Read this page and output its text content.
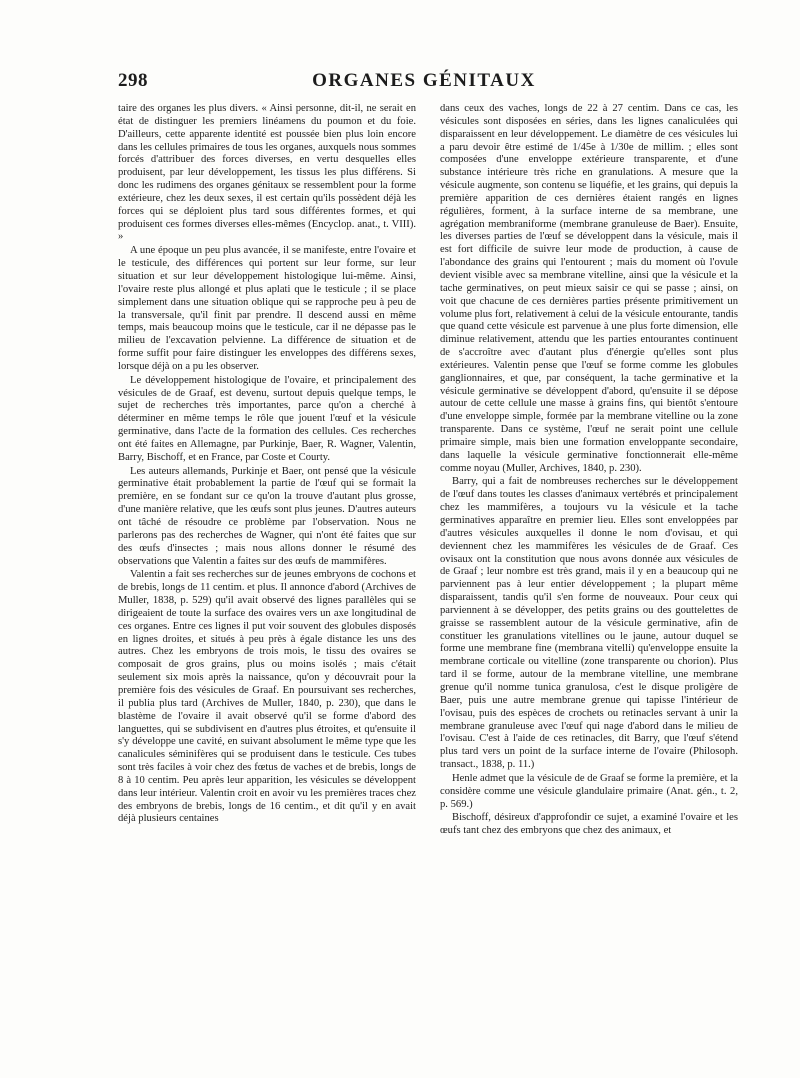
298	ORGANES GÉNITAUX

taire des organes les plus divers. « Ainsi personne, dit-il, ne serait en état de distinguer les premiers linéamens du poumon et du foie. D'ailleurs, cette apparente identité est poussée bien plus loin encore dans les cellules primaires de tous les organes, auxquels nous sommes forcés d'attribuer des forces diverses, en vertu desquelles elles produisent, par leur développement, les tissus les plus différens. Si donc les rudimens des organes génitaux se ressemblent pour la forme extérieure, chez les deux sexes, il est certain qu'ils possèdent déjà les forces qui se déploient plus tard sous différentes formes, et qui produisent ces formes diverses elles-mêmes (Encyclop. anat., t. VIII). »

A une époque un peu plus avancée, il se manifeste, entre l'ovaire et le testicule, des différences qui portent sur leur forme, sur leur situation et sur leur développement histologique lui-même. Ainsi, l'ovaire reste plus allongé et plus aplati que le testicule ; il se place simplement dans une situation oblique qui se rapproche peu à peu de la transversale, qu'il finit par prendre. Il descend aussi en même temps, mais beaucoup moins que le testicule, car il ne dépasse pas le milieu de l'excavation pelvienne. La différence de situation et de forme suffit pour faire distinguer les enveloppes des différens sexes, lorsque déjà on a pu les observer.

Le développement histologique de l'ovaire, et principalement des vésicules de de Graaf, est devenu, surtout depuis quelque temps, le sujet de recherches très importantes, parce qu'on a cherché à déterminer en même temps le rôle que jouent l'œuf et la vésicule germinative, dans l'acte de la formation des cellules. Ces recherches ont été faites en Allemagne, par Purkinje, Baer, R. Wagner, Valentin, Barry, Bischoff, et en France, par Coste et Courty.

Les auteurs allemands, Purkinje et Baer, ont pensé que la vésicule germinative était probablement la partie de l'œuf qui se formait la première, en se fondant sur ce qu'on la trouve d'autant plus grosse, d'une manière relative, que les œufs sont plus jeunes. D'autres auteurs ont tâché de résoudre ce problème par l'observation. Nous ne parlerons pas des recherches de Wagner, qui n'ont été faites que sur des œufs d'insectes ; mais nous allons donner le résumé des observations que Valentin a faites sur des œufs de mammifères.

Valentin a fait ses recherches sur de jeunes embryons de cochons et de brebis, longs de 11 centim. et plus. Il annonce d'abord (Archives de Muller, 1838, p. 529) qu'il avait observé des lignes parallèles qui se dirigeaient de toute la surface des ovaires vers un axe longitudinal de ces organes. Entre ces lignes il put voir souvent des globules disposés en lignes droites, et situés à peu près à égale distance les uns des autres. Chez les embryons de trois mois, le tissu des ovaires se composait de gros grains, plus ou moins isolés ; mais c'était seulement six mois après la naissance, qu'on y découvrait pour la première fois des vésicules de Graaf. En poursuivant ses recherches, il publia plus tard (Archives de Muller, 1840, p. 230), que dans le blastème de l'ovaire il avait observé qu'il se forme d'abord des languettes, qui se subdivisent en d'autres plus étroites, et qu'ensuite il s'y développe une cavité, en suivant absolument le même type que les canalicules séminifères qui se produisent dans le testicule. Ces tubes sont très faciles à voir chez des fœtus de vaches et de brebis, longs de 8 à 10 centim. Peu après leur apparition, les vésicules se développent dans leur intérieur. Valentin croit en avoir vu les premières traces chez des embryons de brebis, longs de 16 centim., et dit qu'il y en avait déjà plusieurs centaines

dans ceux des vaches, longs de 22 à 27 centim. Dans ce cas, les vésicules sont disposées en séries, dans les lignes canaliculées qui disparaissent en leur développement. Le diamètre de ces vésicules lui a paru devoir être estimé de 1/45e à 1/30e de millim. ; elles sont composées d'une enveloppe extérieure transparente, et d'une substance intérieure très riche en granulations. A mesure que la vésicule augmente, son contenu se liquéfie, et les grains, qui depuis la première apparition de ces dernières étaient rangés en lignes régulières, forment, à la surface interne de sa membrane, une agrégation membraniforme (membrane granuleuse de Baer). Ensuite, les diverses parties de l'œuf se développent dans la vésicule, mais il est fort difficile de suivre leur mode de production, à cause de l'abondance des grains qui l'entourent ; mais du moment où l'ovule devient visible avec sa membrane vitelline, ainsi que la vésicule et la tache germinatives, on peut mieux saisir ce qui se passe ; ainsi, on voit que chacune de ces dernières parties présente primitivement un volume plus fort, relativement à celui de la vésicule entourante, tandis que quand cette vésicule est parvenue à une plus forte dimension, elle diminue relativement, attendu que les parties entourantes continuent de s'accroître avec d'autant plus d'énergie qu'elles sont plus extérieures. Valentin pense que l'œuf se forme comme les globules ganglionnaires, et que, par conséquent, la tache germinative et la vésicule germinative se développent d'abord, qu'ensuite il se dépose autour de cette cellule une masse à grains fins, qui bientôt s'entoure d'une enveloppe simple, formée par la membrane vitelline ou la zone transparente. Dans ce système, l'œuf ne serait point une cellule primaire simple, mais bien une formation enveloppante secondaire, dans laquelle la vésicule germinative fonctionnerait elle-même comme noyau (Muller, Archives, 1840, p. 230).

Barry, qui a fait de nombreuses recherches sur le développement de l'œuf dans toutes les classes d'animaux vertébrés et principalement chez les mammifères, a toujours vu la vésicule et la tache germinatives apparaître en premier lieu. Elles sont enveloppées par d'autres vésicules auxquelles il donne le nom d'ovisau, et qui deviennent chez les mammifères les vésicules de de Graaf. Ces ovisaux ont la constitution que nous avons donnée aux vésicules de de Graaf ; leur nombre est très grand, mais il y en a beaucoup qui ne parviennent pas à leur entier développement ; la plupart même disparaissent, tandis qu'il s'en forme de nouveaux. Pour ceux qui parviennent à se développer, des petits grains ou des gouttelettes de graisse se rassemblent autour de la vésicule germinative, afin de constituer les granulations vitellines ou le jaune, autour duquel se forme une membrane fine (membrana vitelli) qu'enveloppe ensuite la membrane corticale ou vitelline (zone transparente ou chorion). Plus tard il se forme, autour de la membrane vitelline, une membrane grenue qu'il nomme tunica granulosa, c'est le disque proligère de Baer, puis une autre membrane grenue qui tapisse l'intérieur de l'ovisau, puis des espèces de crochets ou retinacles servant à unir la membrane granuleuse avec l'œuf qui nage d'abord dans le milieu de l'ovisau. C'est à l'aide de ces retinacles, dit Barry, que l'œuf s'étend plus tard vers un point de la surface interne de l'ovaire (Philosoph. transact., 1838, p. 11.)

Henle admet que la vésicule de de Graaf se forme la première, et la considère comme une vésicule glandulaire primaire (Anat. gén., t. 2, p. 569.)

Bischoff, désireux d'approfondir ce sujet, a examiné l'ovaire et les œufs tant chez des embryons que chez des animaux, et
